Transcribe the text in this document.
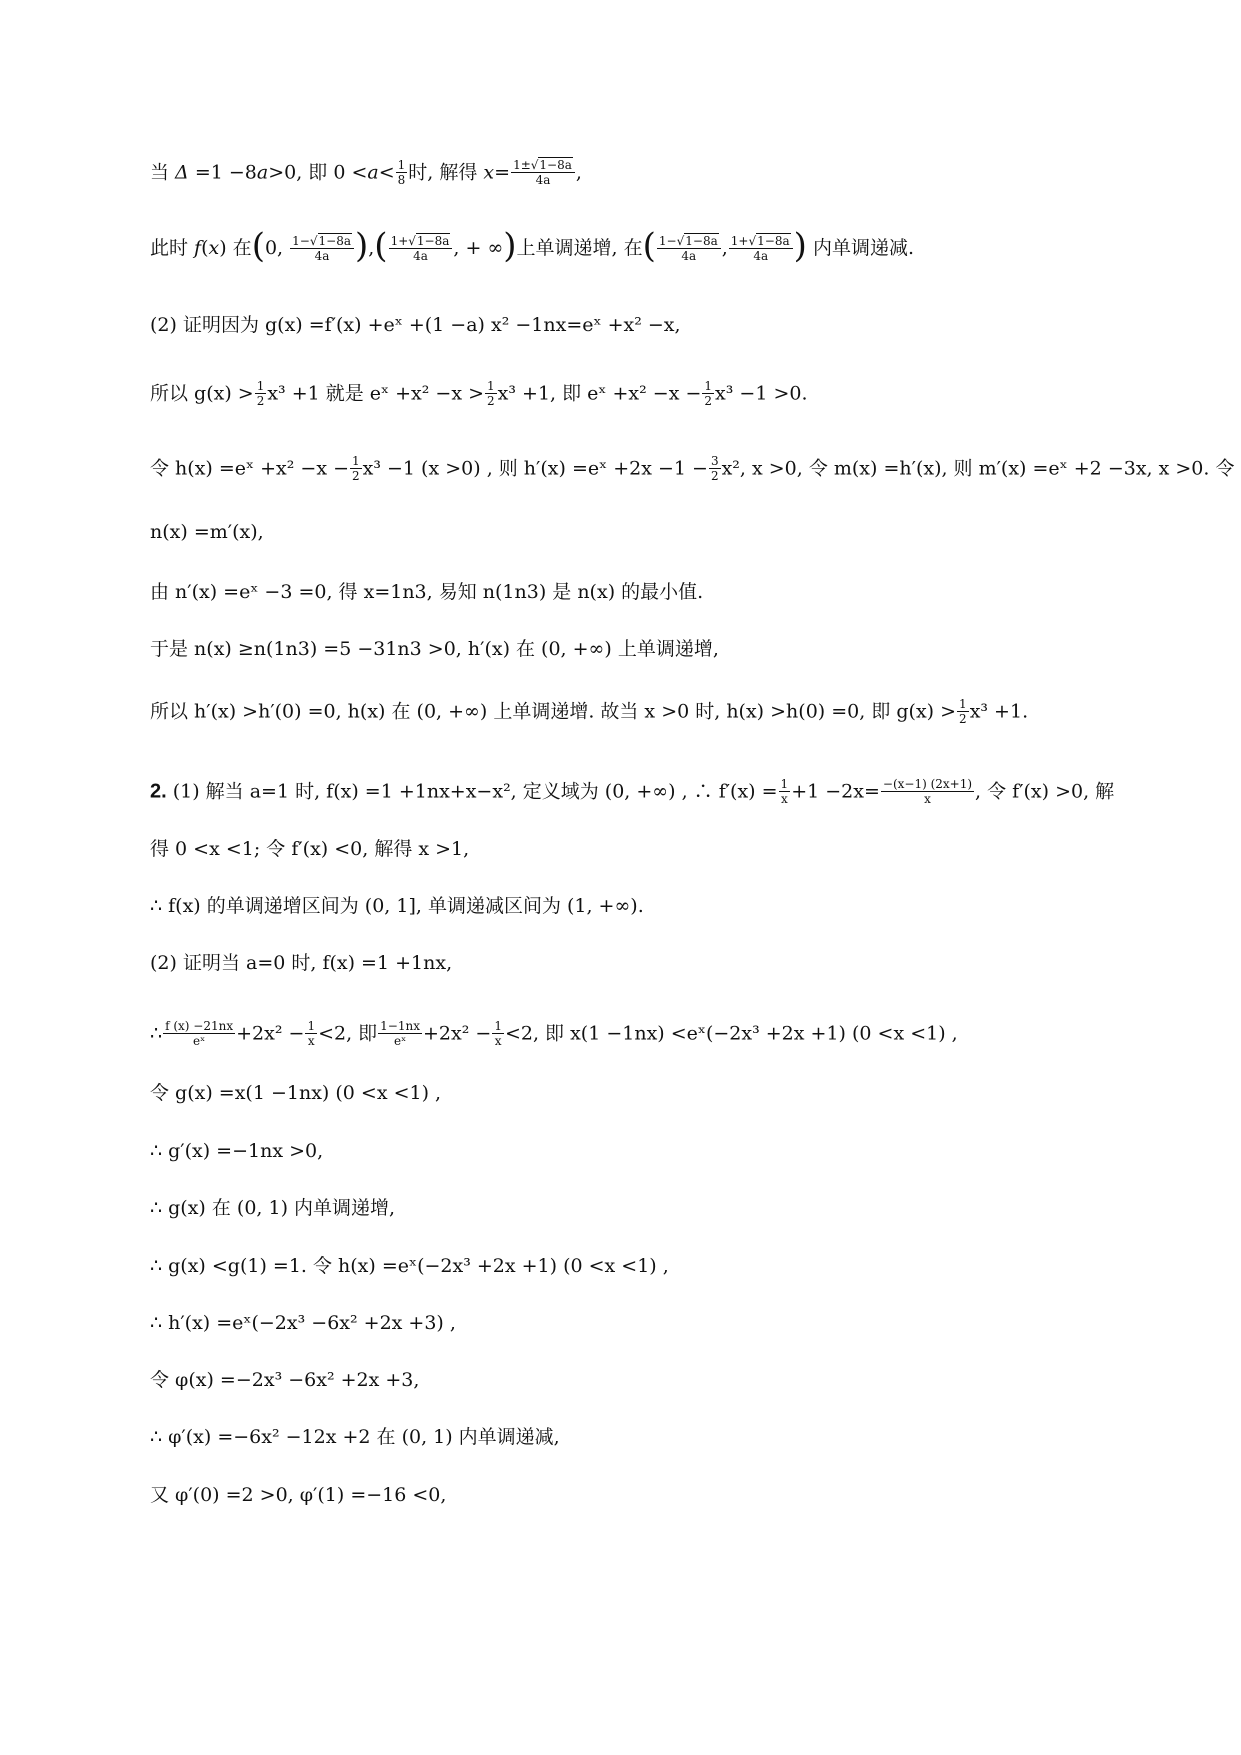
当 Δ =1 −8a>0, 即 $0 <a< \frac{1}{8}$ 时, 解得 $x= \frac{1\pm√1-8a}{4a}$ ,
此时 f(x) 在(0, $\frac{1-√1-8a}{4a}$ ),( $\frac{1+√1-8a}{4a}$ , + ∞)上单调递增, 在( $\frac{1-√1-8a}{4a}$ , $\frac{1+√1-8a}{4a}$ ) 内单调递减.
(2) 证明因为 g(x) =f′(x) +eˣ +(1 −a) x² −1nx=eˣ +x² −x,
所以 $g(x) > \frac{1}{2} x^3 +1$ 就是 eˣ $+x^2 -x > \frac{1}{2} x^3 +1$, 即 eˣ $+x^2 -x - \frac{1}{2} x^3 -1 >0$.
令 h(x) =eˣ $+x^2 -x - \frac{1}{2} x^3 -1$ (x >0) , 则 h′(x) =eˣ $+2x -1 - \frac{3}{2} x^2$, x >0, 令 m(x) =h′(x), 则 m′(x) =eˣ +2 −3x, x >0. 令
n(x) =m′(x),
由 n′(x) =eˣ −3 =0, 得 x=1n3, 易知 n(1n3) 是 n(x) 的最小值.
于是 n(x) ≥n(1n3) =5 −31n3 >0, h′(x) 在 (0, +∞) 上单调递增,
所以 h′(x) >h′(0) =0, h(x) 在 (0, +∞) 上单调递增. 故当 x >0 时, h(x) >h(0) =0, 即 $g(x) > \frac{1}{2} x^3 +1$.
2. (1) 解当 a=1 时, f(x) =1 +1nx+x−x², 定义域为 (0, +∞) , ∴ $f'(x) = \frac{1}{x} +1 -2x= \frac{-(x-1) (2x+1)}{x}$ , 令 f′(x) >0, 解
得 0 <x <1; 令 f′(x) <0, 解得 x >1,
∴ f(x) 的单调递增区间为 (0, 1], 单调递减区间为 (1, +∞).
(2) 证明当 a=0 时, f(x) =1 +1nx,
∴ $\frac{f (x) -21nx}{\text{eˣ}} +2x^2 - \frac{1}{x} <2$, 即 $\frac{1-1nx}{\text{eˣ}} +2x^2 - \frac{1}{x} <2$, 即 x(1 −1nx) <eˣ(−2x³ +2x +1) (0 <x <1) ,
令 g(x) =x(1 −1nx) (0 <x <1) ,
∴ g′(x) =−1nx >0,
∴ g(x) 在 (0, 1) 内单调递增,
∴ g(x) <g(1) =1. 令 h(x) =eˣ(−2x³ +2x +1) (0 <x <1) ,
∴ h′(x) =eˣ(−2x³ −6x² +2x +3) ,
令 φ(x) =−2x³ −6x² +2x +3,
∴ φ′(x) =−6x² −12x +2 在 (0, 1) 内单调递减,
又 φ′(0) =2 >0, φ′(1) =−16 <0,
